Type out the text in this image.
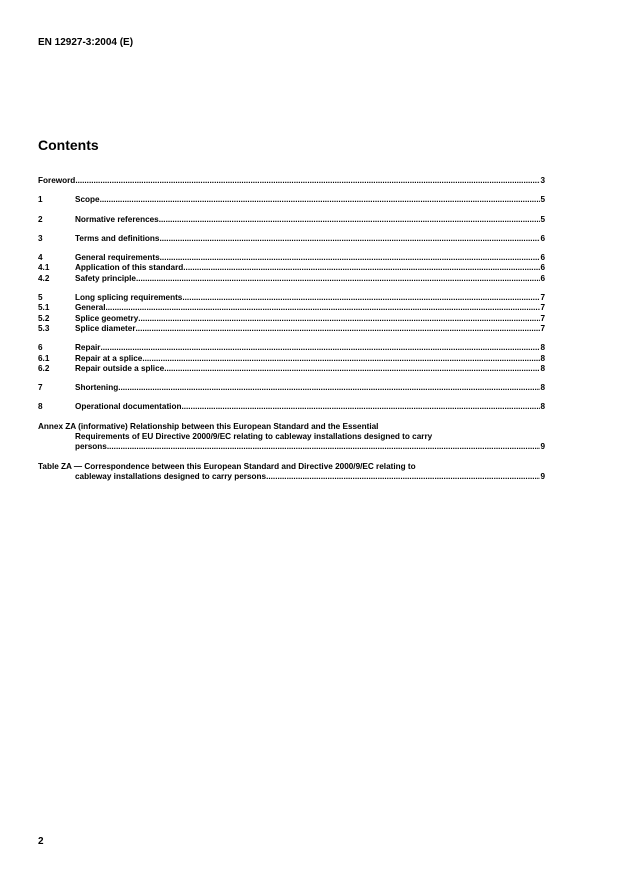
EN 12927-3:2004 (E)
Contents
Foreword .....	3
1	Scope .....	5
2	Normative references .....	5
3	Terms and definitions .....	6
4	General requirements .....	6
4.1	Application of this standard .....	6
4.2	Safety principle .....	6
5	Long splicing requirements .....	7
5.1	General .....	7
5.2	Splice geometry .....	7
5.3	Splice diameter .....	7
6	Repair .....	8
6.1	Repair at a splice .....	8
6.2	Repair outside a splice .....	8
7	Shortening .....	8
8	Operational documentation .....	8
Annex ZA (informative) Relationship between this European Standard and the Essential
Requirements of EU Directive 2000/9/EC relating to cableway installations designed to carry
persons .....	9
Table ZA — Correspondence between this European Standard and Directive 2000/9/EC relating to
cableway installations designed to carry persons .....	9
2
